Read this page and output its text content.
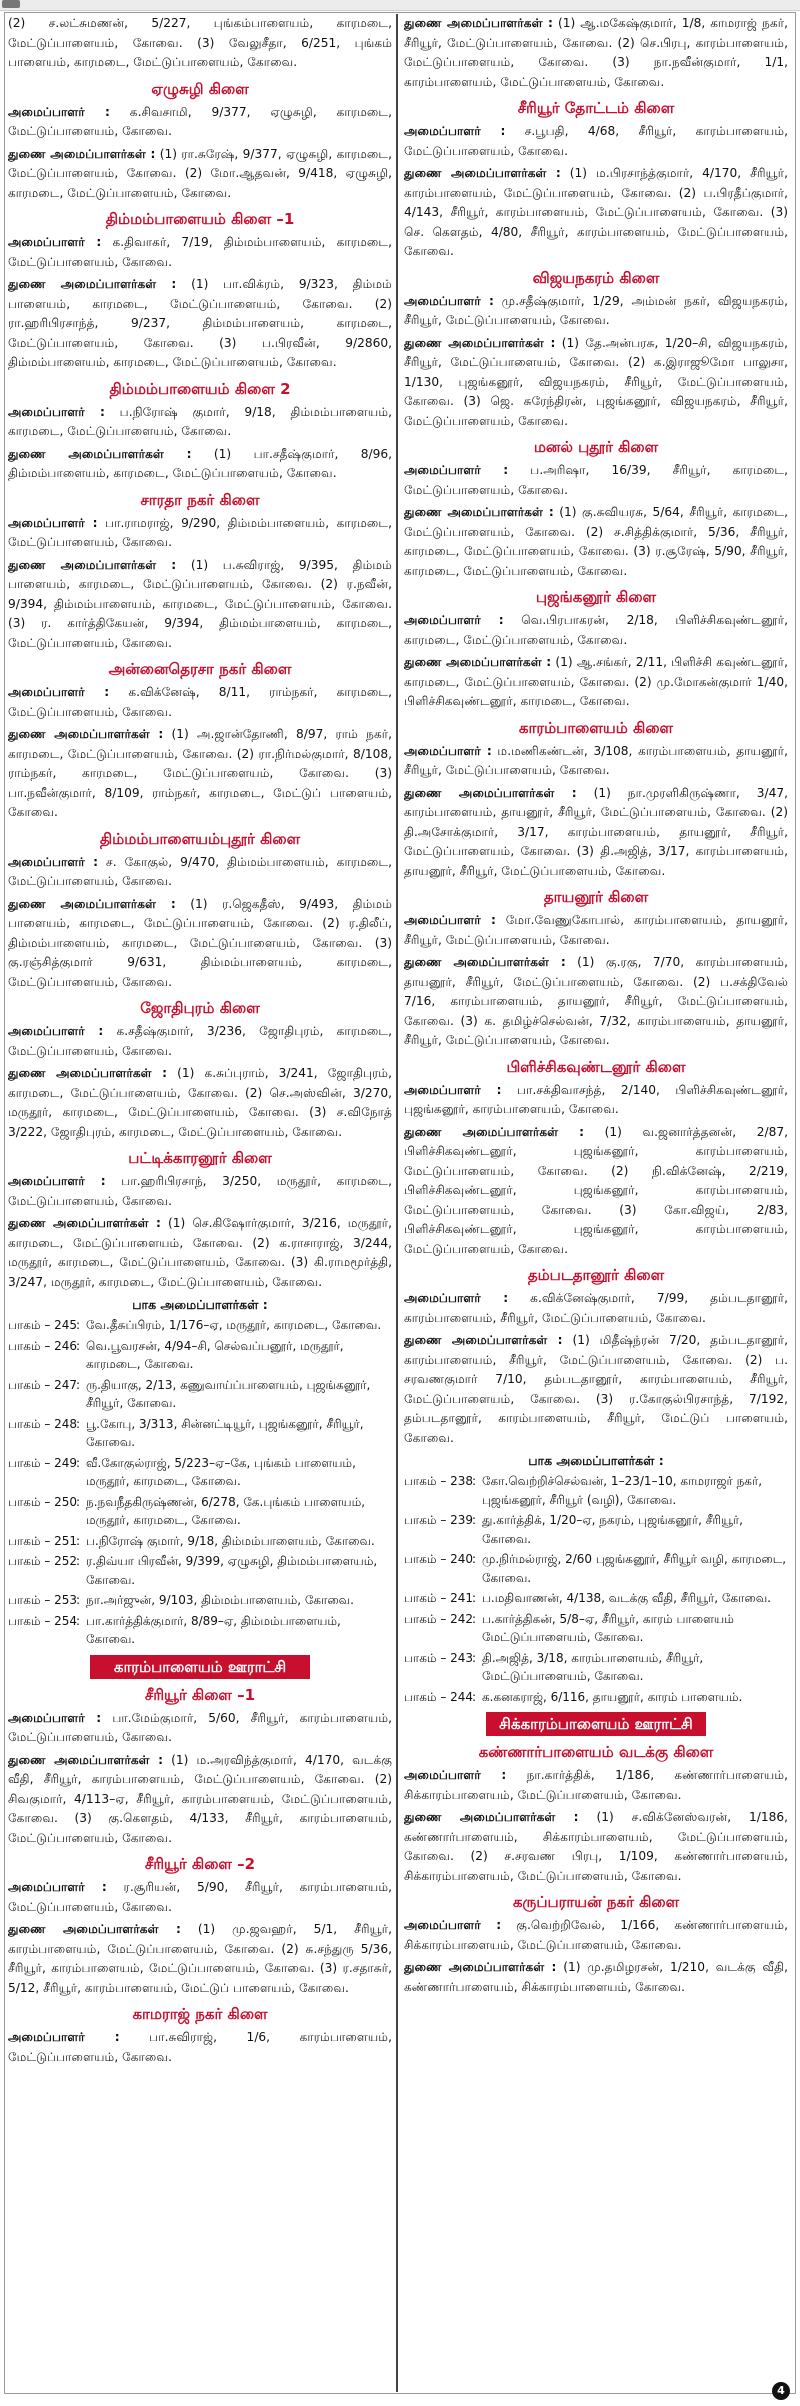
(2) ச.லட்சுமணன், 5/227, புங்கம்பாளையம், காரமடை, மேட்டுப்பாளையம், கோவை. (3) வேலுசீதா, 6/251, புங்கம் பாளையம், காரமடை, மேட்டுப்பாளையம், கோவை.

ஏழுசுழி கிளை

அமைப்பாளர் : க.சிவசாமி, 9/377, ஏழுசுழி, காரமடை, மேட்டுப்பாளையம், கோவை.

துணை அமைப்பாளர்கள் : (1) ரா.சுரேஷ், 9/377, ஏழுசுழி, காரமடை, மேட்டுப்பாளையம், கோவை. (2) மோ.ஆதவன், 9/418, ஏழுசுழி, காரமடை, மேட்டுப்பாளையம், கோவை.

திம்மம்பாளையம் கிளை –1

அமைப்பாளர் : க.திவாகர், 7/19, திம்மம்பாளையம், காரமடை, மேட்டுப்பாளையம், கோவை.

துணை அமைப்பாளர்கள் : (1) பா.விக்ரம், 9/323, திம்மம் பாளையம், காரமடை, மேட்டுப்பாளையம், கோவை. (2) ரா.ஹரிபிரசாந்த், 9/237, திம்மம்பாளையம், காரமடை, மேட்டுப்பாளையம், கோவை. (3) ப.பிரவீன், 9/2860, திம்மம்பாளையம், காரமடை, மேட்டுப்பாளையம், கோவை.

திம்மம்பாளையம் கிளை 2

அமைப்பாளர் : ப.நிரோஷ் குமார், 9/18, திம்மம்பாளையம், காரமடை, மேட்டுப்பாளையம், கோவை.

துணை அமைப்பாளர்கள் : (1) பா.சதீஷ்குமார், 8/96, திம்மம்பாளையம், காரமடை, மேட்டுப்பாளையம், கோவை.

சாரதா நகர் கிளை

அமைப்பாளர் : பா.ராமராஜ், 9/290, திம்மம்பாளையம், காரமடை, மேட்டுப்பாளையம், கோவை.

துணை அமைப்பாளர்கள் : (1) ப.சுவிராஜ், 9/395, திம்மம் பாளையம், காரமடை, மேட்டுப்பாளையம், கோவை. (2) ர.நவீன், 9/394, திம்மம்பாளையம், காரமடை, மேட்டுப்பாளையம், கோவை. (3) ர. கார்த்திகேயன், 9/394, திம்மம்பாளையம், காரமடை, மேட்டுப்பாளையம், கோவை.

அன்னைதெரசா நகர் கிளை

அமைப்பாளர் : க.விக்னேஷ், 8/11, ராம்நகர், காரமடை, மேட்டுப்பாளையம், கோவை.

துணை அமைப்பாளர்கள் : (1) அ.ஜான்தோணி, 8/97, ராம் நகர், காரமடை, மேட்டுப்பாளையம், கோவை. (2) ரா.நிர்மல்குமார், 8/108, ராம்நகர், காரமடை, மேட்டுப்பாளையம், கோவை. (3) பா.நவீன்குமார், 8/109, ராம்நகர், காரமடை, மேட்டுப் பாளையம், கோவை.

திம்மம்பாளையம்புதூர் கிளை

அமைப்பாளர் : ச. கோகுல், 9/470, திம்மம்பாளையம், காரமடை, மேட்டுப்பாளையம், கோவை.

துணை அமைப்பாளர்கள் : (1) ர.ஜெகதீஸ், 9/493, திம்மம் பாளையம், காரமடை, மேட்டுப்பாளையம், கோவை. (2) ர.திலீப், திம்மம்பாளையம், காரமடை, மேட்டுப்பாளையம், கோவை. (3) கு.ரஞ்சித்குமார் 9/631, திம்மம்பாளையம், காரமடை, மேட்டுப்பாளையம், கோவை.

ஜோதிபுரம் கிளை

அமைப்பாளர் : க.சதீஷ்குமார், 3/236, ஜோதிபுரம், காரமடை, மேட்டுப்பாளையம், கோவை.

துணை அமைப்பாளர்கள் : (1) க.சுப்புராம், 3/241, ஜோதிபுரம், காரமடை, மேட்டுப்பாளையம், கோவை. (2) செ.அஸ்வின், 3/270, மருதூர், காரமடை, மேட்டுப்பாளையம், கோவை. (3) ச.விநோத் 3/222, ஜோதிபுரம், காரமடை, மேட்டுப்பாளையம், கோவை.

பட்டிக்காரனூர் கிளை

அமைப்பாளர் : பா.ஹரிபிரசாந், 3/250, மருதூர், காரமடை, மேட்டுப்பாளையம், கோவை.

துணை அமைப்பாளர்கள் : (1) செ.கிஷோர்குமார், 3/216, மருதூர், காரமடை, மேட்டுப்பாளையம், கோவை. (2) க.ராசாராஜ், 3/244, மருதூர், காரமடை, மேட்டுப்பாளையம், கோவை. (3) கி.ராமமூர்த்தி, 3/247, மருதூர், காரமடை, மேட்டுப்பாளையம், கோவை.

பாக அமைப்பாளர்கள் :
பாகம் – 245
: வே.தீசுப்பிரம், 1/176–ஏ, மருதூர், காரமடை, கோவை.
பாகம் – 246
: வெ.பூவரசன், 4/94–சி, செல்வப்பனூர், மருதூர், காரமடை, கோவை.
பாகம் – 247
: ரு.தியாகு, 2/13, கணுவாய்ப்பாளையம், புஜங்கனூர், சீரியூர், கோவை.
பாகம் – 248
: பூ.கோபு, 3/313, சின்னட்டியூர், புஜங்கனூர், சீரியூர், கோவை.
பாகம் – 249
: வீ.கோகுல்ராஜ், 5/223–ஏ–கே, புங்கம் பாளையம், மருதூர், காரமடை, கோவை.
பாகம் – 250
: ந.நவநீதகிருஷ்ணன், 6/278, கே.புங்கம் பாளையம், மருதூர், காரமடை, கோவை.
பாகம் – 251
: ப.நிரோஷ் குமார், 9/18, திம்மம்பாளையம், கோவை.
பாகம் – 252
: ர.திவ்யா பிரவீன், 9/399, ஏழுசுழி, திம்மம்பாளையம், கோவை.
பாகம் – 253
: நா.அர்ஜுன், 9/103, திம்மம்பாளையம், கோவை.
பாகம் – 254
: பா.கார்த்திக்குமார், 8/89–ஏ, திம்மம்பாளையம், கோவை.
காரம்பாளையம் ஊராட்சி
சீரியூர் கிளை –1

அமைப்பாளர் : பா.மேம்குமார், 5/60, சீரியூர், காரம்பாளையம், மேட்டுப்பாளையம், கோவை.

துணை அமைப்பாளர்கள் : (1) ம.அரவிந்த்குமார், 4/170, வடக்கு வீதி, சீரியூர், காரம்பாளையம், மேட்டுப்பாளையம், கோவை. (2) சிவகுமார், 4/113–ஏ, சீரியூர், காரம்பாளையம், மேட்டுப்பாளையம், கோவை. (3) கு.கௌதம், 4/133, சீரியூர், காரம்பாளையம், மேட்டுப்பாளையம், கோவை.

சீரியூர் கிளை –2

அமைப்பாளர் : ர.சூரியன், 5/90, சீரியூர், காரம்பாளையம், மேட்டுப்பாளையம், கோவை.

துணை அமைப்பாளர்கள் : (1) மு.ஜவஹர், 5/1, சீரியூர், காரம்பாளையம், மேட்டுப்பாளையம், கோவை. (2) சு.சந்துரு 5/36, சீரியூர், காரம்பாளையம், மேட்டுப்பாளையம், கோவை. (3) ர.சதாசுர், 5/12, சீரியூர், காரம்பாளையம், மேட்டுப் பாளையம், கோவை.

காமராஜ் நகர் கிளை

அமைப்பாளர் : பா.சுவிராஜ், 1/6, காரம்பாளையம், மேட்டுப்பாளையம், கோவை.

துணை அமைப்பாளர்கள் : (1) ஆ.மகேஷ்குமார், 1/8, காமராஜ் நகர், சீரியூர், மேட்டுப்பாளையம், கோவை. (2) செ.பிரபு, காரம்பாளையம், மேட்டுப்பாளையம், கோவை. (3) நா.நவீன்குமார், 1/1, காரம்பாளையம், மேட்டுப்பாளையம், கோவை.

சீரியூர் தோட்டம் கிளை

அமைப்பாளர் : ச.பூபதி, 4/68, சீரியூர், காரம்பாளையம், மேட்டுப்பாளையம், கோவை.

துணை அமைப்பாளர்கள் : (1) ம.பிரசாந்த்குமார், 4/170, சீரியூர், காரம்பாளையம், மேட்டுப்பாளையம், கோவை. (2) ப.பிரதீப்குமார், 4/143, சீரியூர், காரம்பாளையம், மேட்டுப்பாளையம், கோவை. (3) செ. கௌதம், 4/80, சீரியூர், காரம்பாளையம், மேட்டுப்பாளையம், கோவை.

விஜயநகரம் கிளை

அமைப்பாளர் : மு.சதீஷ்குமார், 1/29, அம்மன் நகர், விஜயநகரம், சீரியூர், மேட்டுப்பாளையம், கோவை.

துணை அமைப்பாளர்கள் : (1) தே.அன்பரசு, 1/20–சி, விஜயநகரம், சீரியூர், மேட்டுப்பாளையம், கோவை. (2) க.இராஜூமோ பாலுசா, 1/130, புஜங்கனூர், விஜயநகரம், சீரியூர், மேட்டுப்பாளையம், கோவை. (3) ஜெ. சுரேந்திரன், புஜங்கனூர், விஜயநகரம், சீரியூர், மேட்டுப்பாளையம், கோவை.

மனல் புதூர் கிளை

அமைப்பாளர் : ப.அரிஷா, 16/39, சீரியூர், காரமடை, மேட்டுப்பாளையம், கோவை.

துணை அமைப்பாளர்கள் : (1) கு.சுவியரசு, 5/64, சீரியூர், காரமடை, மேட்டுப்பாளையம், கோவை. (2) ச.சித்திக்குமார், 5/36, சீரியூர், காரமடை, மேட்டுப்பாளையம், கோவை. (3) ர.சூரேஷ், 5/90, சீரியூர், காரமடை, மேட்டுப்பாளையம், கோவை.

புஜங்கனூர் கிளை

அமைப்பாளர் : வெ.பிரபாகரன், 2/18, பிளிச்சிகவுண்டனூர், காரமடை, மேட்டுப்பாளையம், கோவை.

துணை அமைப்பாளர்கள் : (1) ஆ.சங்கர், 2/11, பிளிச்சி கவுண்டனூர், காரமடை, மேட்டுப்பாளையம், கோவை. (2) மு.மோகன்குமார் 1/40, பிளிச்சிகவுண்டனூர், காரமடை, கோவை.

காரம்பாளையம் கிளை

அமைப்பாளர் : ம.மணிகண்டன், 3/108, காரம்பாளையம், தாயனூர், சீரியூர், மேட்டுப்பாளையம், கோவை.

துணை அமைப்பாளர்கள் : (1) நா.முரளிகிருஷ்ணா, 3/47, காரம்பாளையம், தாயனூர், சீரியூர், மேட்டுப்பாளையம், கோவை. (2) தி.அசோக்குமார், 3/17, காரம்பாளையம், தாயனூர், சீரியூர், மேட்டுப்பாளையம், கோவை. (3) தி.அஜித், 3/17, காரம்பாளையம், தாயனூர், சீரியூர், மேட்டுப்பாளையம், கோவை.

தாயனூர் கிளை

அமைப்பாளர் : மோ.வேணுகோபால், காரம்பாளையம், தாயனூர், சீரியூர், மேட்டுப்பாளையம், கோவை.

துணை அமைப்பாளர்கள் : (1) கு.ரகு, 7/70, காரம்பாளையம், தாயனூர், சீரியூர், மேட்டுப்பாளையம், கோவை. (2) ப.சக்திவேல் 7/16, காரம்பாளையம், தாயனூர், சீரியூர், மேட்டுப்பாளையம், கோவை. (3) க. தமிழ்ச்செல்வன், 7/32, காரம்பாளையம், தாயனூர், சீரியூர், மேட்டுப்பாளையம், கோவை.

பிளிச்சிகவுண்டனூர் கிளை

அமைப்பாளர் : பா.சக்திவாசந்த், 2/140, பிளிச்சிகவுண்டனூர், புஜங்கனூர், காரம்பாளையம், கோவை.

துணை அமைப்பாளர்கள் : (1) வ.ஜனார்த்தனன், 2/87, பிளிச்சிகவுண்டனூர், புஜங்கனூர், காரம்பாளையம், மேட்டுப்பாளையம், கோவை. (2) நி.விக்னேஷ், 2/219, பிளிச்சிகவுண்டனூர், புஜங்கனூர், காரம்பாளையம், மேட்டுப்பாளையம், கோவை. (3) கோ.விஜய், 2/83, பிளிச்சிகவுண்டனூர், புஜங்கனூர், காரம்பாளையம், மேட்டுப்பாளையம், கோவை.

தம்படதானூர் கிளை

அமைப்பாளர் : க.விக்னேஷ்குமார், 7/99, தம்படதானூர், காரம்பாளையம், சீரியூர், மேட்டுப்பாளையம், கோவை.

துணை அமைப்பாளர்கள் : (1) மிதீஷ்ந்ரன் 7/20, தம்படதானூர், காரம்பாளையம், சீரியூர், மேட்டுப்பாளையம், கோவை. (2) ப. சரவணகுமார் 7/10, தம்படதானூர், காரம்பாளையம், சீரியூர், மேட்டுப்பாளையம், கோவை. (3) ர.கோகுல்பிரசாந்த், 7/192, தம்படதானூர், காரம்பாளையம், சீரியூர், மேட்டுப் பாளையம், கோவை.

பாக அமைப்பாளர்கள் :
பாகம் – 238
: கோ.வெற்றிச்செல்வன், 1–23/1–10, காமராஜர் நகர், புஜங்கனூர், சீரியூர் (வழி), கோவை.
பாகம் – 239
: து.கார்த்திக், 1/20–ஏ, நகரம், புஜங்கனூர், சீரியூர், கோவை.
பாகம் – 240
: மு.நிர்மல்ராஜ், 2/60 புஜங்கனூர், சீரியூர் வழி, காரமடை, கோவை.
பாகம் – 241
: ப.மதிவாணன், 4/138, வடக்கு வீதி, சீரியூர், கோவை.
பாகம் – 242
: ப.கார்த்திகன், 5/8–ஏ, சீரியூர், காரம் பாளையம் மேட்டுப்பாளையம், கோவை.
பாகம் – 243
: தி.அஜித், 3/18, காரம்பாளையம், சீரியூர், மேட்டுப்பாளையம், கோவை.
பாகம் – 244
: க.கனகராஜ், 6/116, தாயனூர், காரம் பாளையம்.
சிக்காரம்பாளையம் ஊராட்சி
கண்ணார்பாளையம் வடக்கு கிளை

அமைப்பாளர் : நா.கார்த்திக், 1/186, கண்ணார்பாளையம், சிக்காரம்பாளையம், மேட்டுப்பாளையம், கோவை.

துணை அமைப்பாளர்கள் : (1) ச.விக்னேஸ்வரன், 1/186, கண்ணார்பாளையம், சிக்காரம்பாளையம், மேட்டுப்பாளையம், கோவை. (2) ச.சரவண பிரபு, 1/109, கண்ணார்பாளையம், சிக்காரம்பாளையம், மேட்டுப்பாளையம், கோவை.

கருப்பராயன் நகர் கிளை

அமைப்பாளர் : கு.வெற்றிவேல், 1/166, கண்ணார்பாளையம், சிக்காரம்பாளையம், மேட்டுப்பாளையம், கோவை.

துணை அமைப்பாளர்கள் : (1) மு.தமிழரசன், 1/210, வடக்கு வீதி, கண்ணார்பாளையம், சிக்காரம்பாளையம், கோவை.

4
